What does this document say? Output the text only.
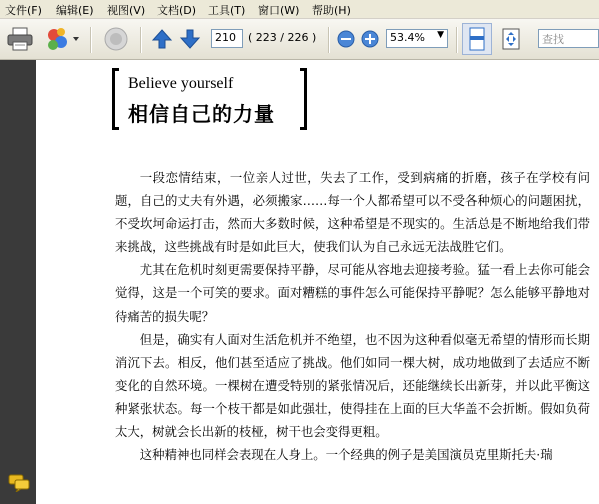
文件(F) 编辑(E) 视图(V) 文档(D) 工具(T) 窗口(W) 帮助(H)
210	( 223 / 226 )	53.4% ▼	查找
Believe yourself
相信自己的力量

一段恋情结束，一位亲人过世，失去了工作，受到病痛的折磨，孩子在学校有问题，自己的丈夫有外遇，必须搬家……每一个人都希望可以不受各种烦心的问题困扰，不受坎坷命运打击，然而大多数时候，这种希望是不现实的。生活总是不断地给我们带来挑战，这些挑战有时是如此巨大，使我们认为自己永远无法战胜它们。

尤其在危机时刻更需要保持平静，尽可能从容地去迎接考验。猛一看上去你可能会觉得，这是一个可笑的要求。面对糟糕的事件怎么可能保持平静呢？怎么能够平静地对待痛苦的损失呢？

但是，确实有人面对生活危机并不绝望，也不因为这种看似毫无希望的情形而长期消沉下去。相反，他们甚至适应了挑战。他们如同一棵大树，成功地做到了去适应不断变化的自然环境。一棵树在遭受特别的紧张情况后，还能继续长出新芽，并以此平衡这种紧张状态。每一个枝干都是如此强壮，使得挂在上面的巨大华盖不会折断。假如负荷太大，树就会长出新的枝桠，树干也会变得更粗。

这种精神也同样会表现在人身上。一个经典的例子是美国演员克里斯托夫·瑞
